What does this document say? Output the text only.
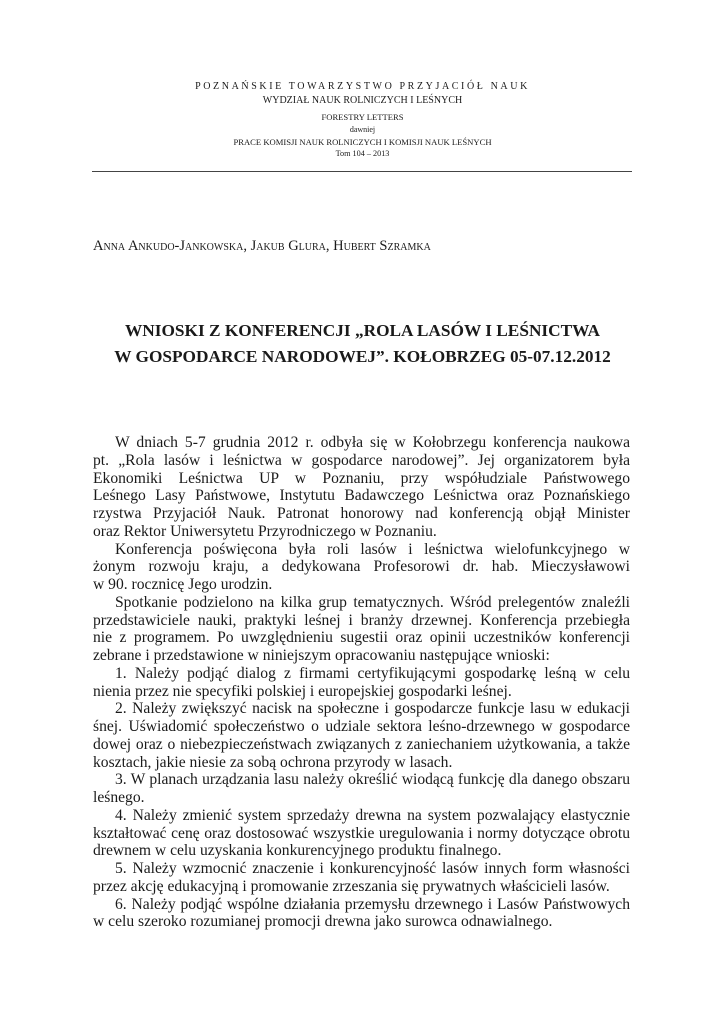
POZNAŃSKIE TOWARZYSTWO PRZYJACIÓŁ NAUK
WYDZIAŁ NAUK ROLNICZYCH I LEŚNYCH
FORESTRY LETTERS
dawniej
PRACE KOMISJI NAUK ROLNICZYCH I KOMISJI NAUK LEŚNYCH
Tom 104 – 2013
Anna Ankudo-Jankowska, Jakub Glura, Hubert Szramka
WNIOSKI Z KONFERENCJI „ROLA LASÓW I LEŚNICTWA
W GOSPODARCE NARODOWEJ”. KOŁOBRZEG 05-07.12.2012
W dniach 5-7 grudnia 2012 r. odbyła się w Kołobrzegu konferencja naukowa
pt. „Rola lasów i leśnictwa w gospodarce narodowej”. Jej organizatorem była
Ekonomiki Leśnictwa UP w Poznaniu, przy współudziale Państwowego
Leśnego Lasy Państwowe, Instytutu Badawczego Leśnictwa oraz Poznańskiego
rzystwa Przyjaciół Nauk. Patronat honorowy nad konferencją objął Minister
oraz Rektor Uniwersytetu Przyrodniczego w Poznaniu.
Konferencja poświęcona była roli lasów i leśnictwa wielofunkcyjnego w
żonym rozwoju kraju, a dedykowana Profesorowi dr. hab. Mieczysławowi
w 90. rocznicę Jego urodzin.
Spotkanie podzielono na kilka grup tematycznych. Wśród prelegentów znaleźli
przedstawiciele nauki, praktyki leśnej i branży drzewnej. Konferencja przebiegła
nie z programem. Po uwzględnieniu sugestii oraz opinii uczestników konferencji
zebrane i przedstawione w niniejszym opracowaniu następujące wnioski:
1. Należy podjąć dialog z firmami certyfikującymi gospodarkę leśną w celu
nienia przez nie specyfiki polskiej i europejskiej gospodarki leśnej.
2. Należy zwiększyć nacisk na społeczne i gospodarcze funkcje lasu w edukacji
śnej. Uświadomić społeczeństwo o udziale sektora leśno-drzewnego w gospodarce
dowej oraz o niebezpieczeństwach związanych z zaniechaniem użytkowania, a także
kosztach, jakie niesie za sobą ochrona przyrody w lasach.
3. W planach urządzania lasu należy określić wiodącą funkcję dla danego obszaru
leśnego.
4. Należy zmienić system sprzedaży drewna na system pozwalający elastycznie
kształtować cenę oraz dostosować wszystkie uregulowania i normy dotyczące obrotu
drewnem w celu uzyskania konkurencyjnego produktu finalnego.
5. Należy wzmocnić znaczenie i konkurencyjność lasów innych form własności
przez akcję edukacyjną i promowanie zrzeszania się prywatnych właścicieli lasów.
6. Należy podjąć wspólne działania przemysłu drzewnego i Lasów Państwowych
w celu szeroko rozumianej promocji drewna jako surowca odnawialnego.
